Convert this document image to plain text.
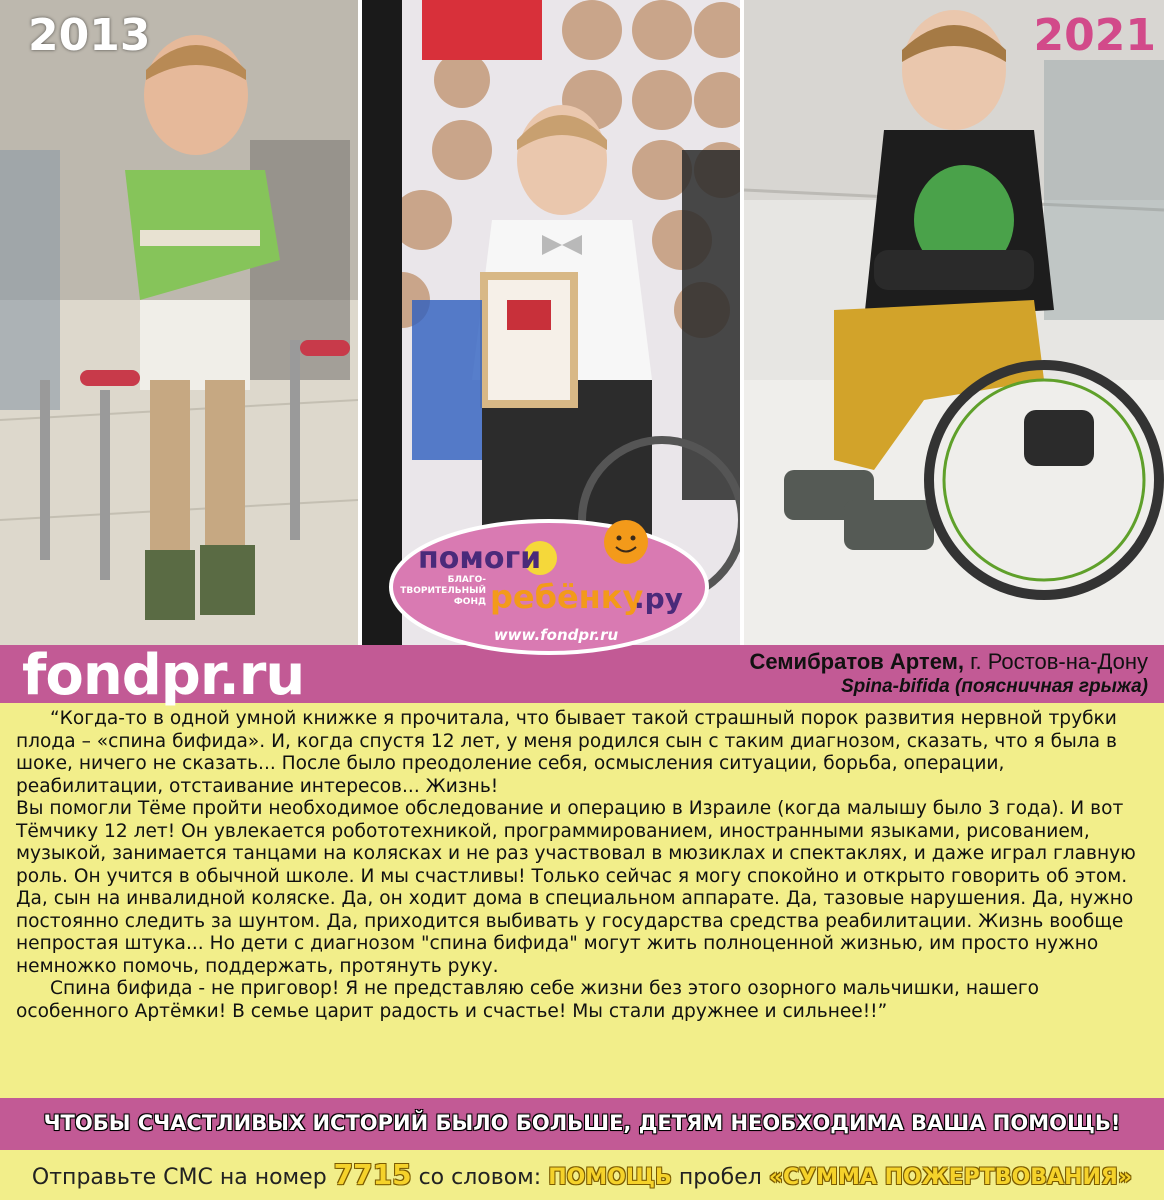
2013	2021
помоги
ребёнку
.ру
БЛАГО-
ТВОРИТЕЛЬНЫЙ
ФОНД
www.fondpr.ru
fondpr.ru	Семибратов Артем, г. Ростов-на-Дону
Spina-bifida (поясничная грыжа)

“Когда-то в одной умной книжке я прочитала, что бывает такой страшный порок развития нервной трубки плода – «спина бифида». И, когда спустя 12 лет, у меня родился сын с таким диагнозом, сказать, что я была в шоке, ничего не сказать... После было преодоление себя, осмысления ситуации, борьба, операции, реабилитации, отстаивание интересов... Жизнь!

Вы помогли Тёме пройти необходимое обследование и операцию в Израиле (когда малышу было 3 года). И вот Тёмчику 12 лет! Он увлекается робототехникой, программированием, иностранными языками, рисованием, музыкой, занимается танцами на колясках и не раз участвовал в мюзиклах и спектаклях, и даже играл главную роль. Он учится в обычной школе. И мы счастливы! Только сейчас я могу спокойно и открыто говорить об этом. Да, сын на инвалидной коляске. Да, он ходит дома в специальном аппарате. Да, тазовые нарушения. Да, нужно постоянно следить за шунтом. Да, приходится выбивать у государства средства реабилитации. Жизнь вообще непростая штука... Но дети с диагнозом "спина бифида" могут жить полноценной жизнью, им просто нужно немножко помочь, поддержать, протянуть руку.

Спина бифида - не приговор! Я не представляю себе жизни без этого озорного мальчишки, нашего особенного Артёмки! В семье царит радость и счастье! Мы стали дружнее и сильнее!!”

ЧТОБЫ СЧАСТЛИВЫХ ИСТОРИЙ БЫЛО БОЛЬШЕ, ДЕТЯМ НЕОБХОДИМА ВАША ПОМОЩЬ!
Отправьте СМС на номер 7715 со словом: ПОМОЩЬ пробел «СУММА ПОЖЕРТВОВАНИЯ»
